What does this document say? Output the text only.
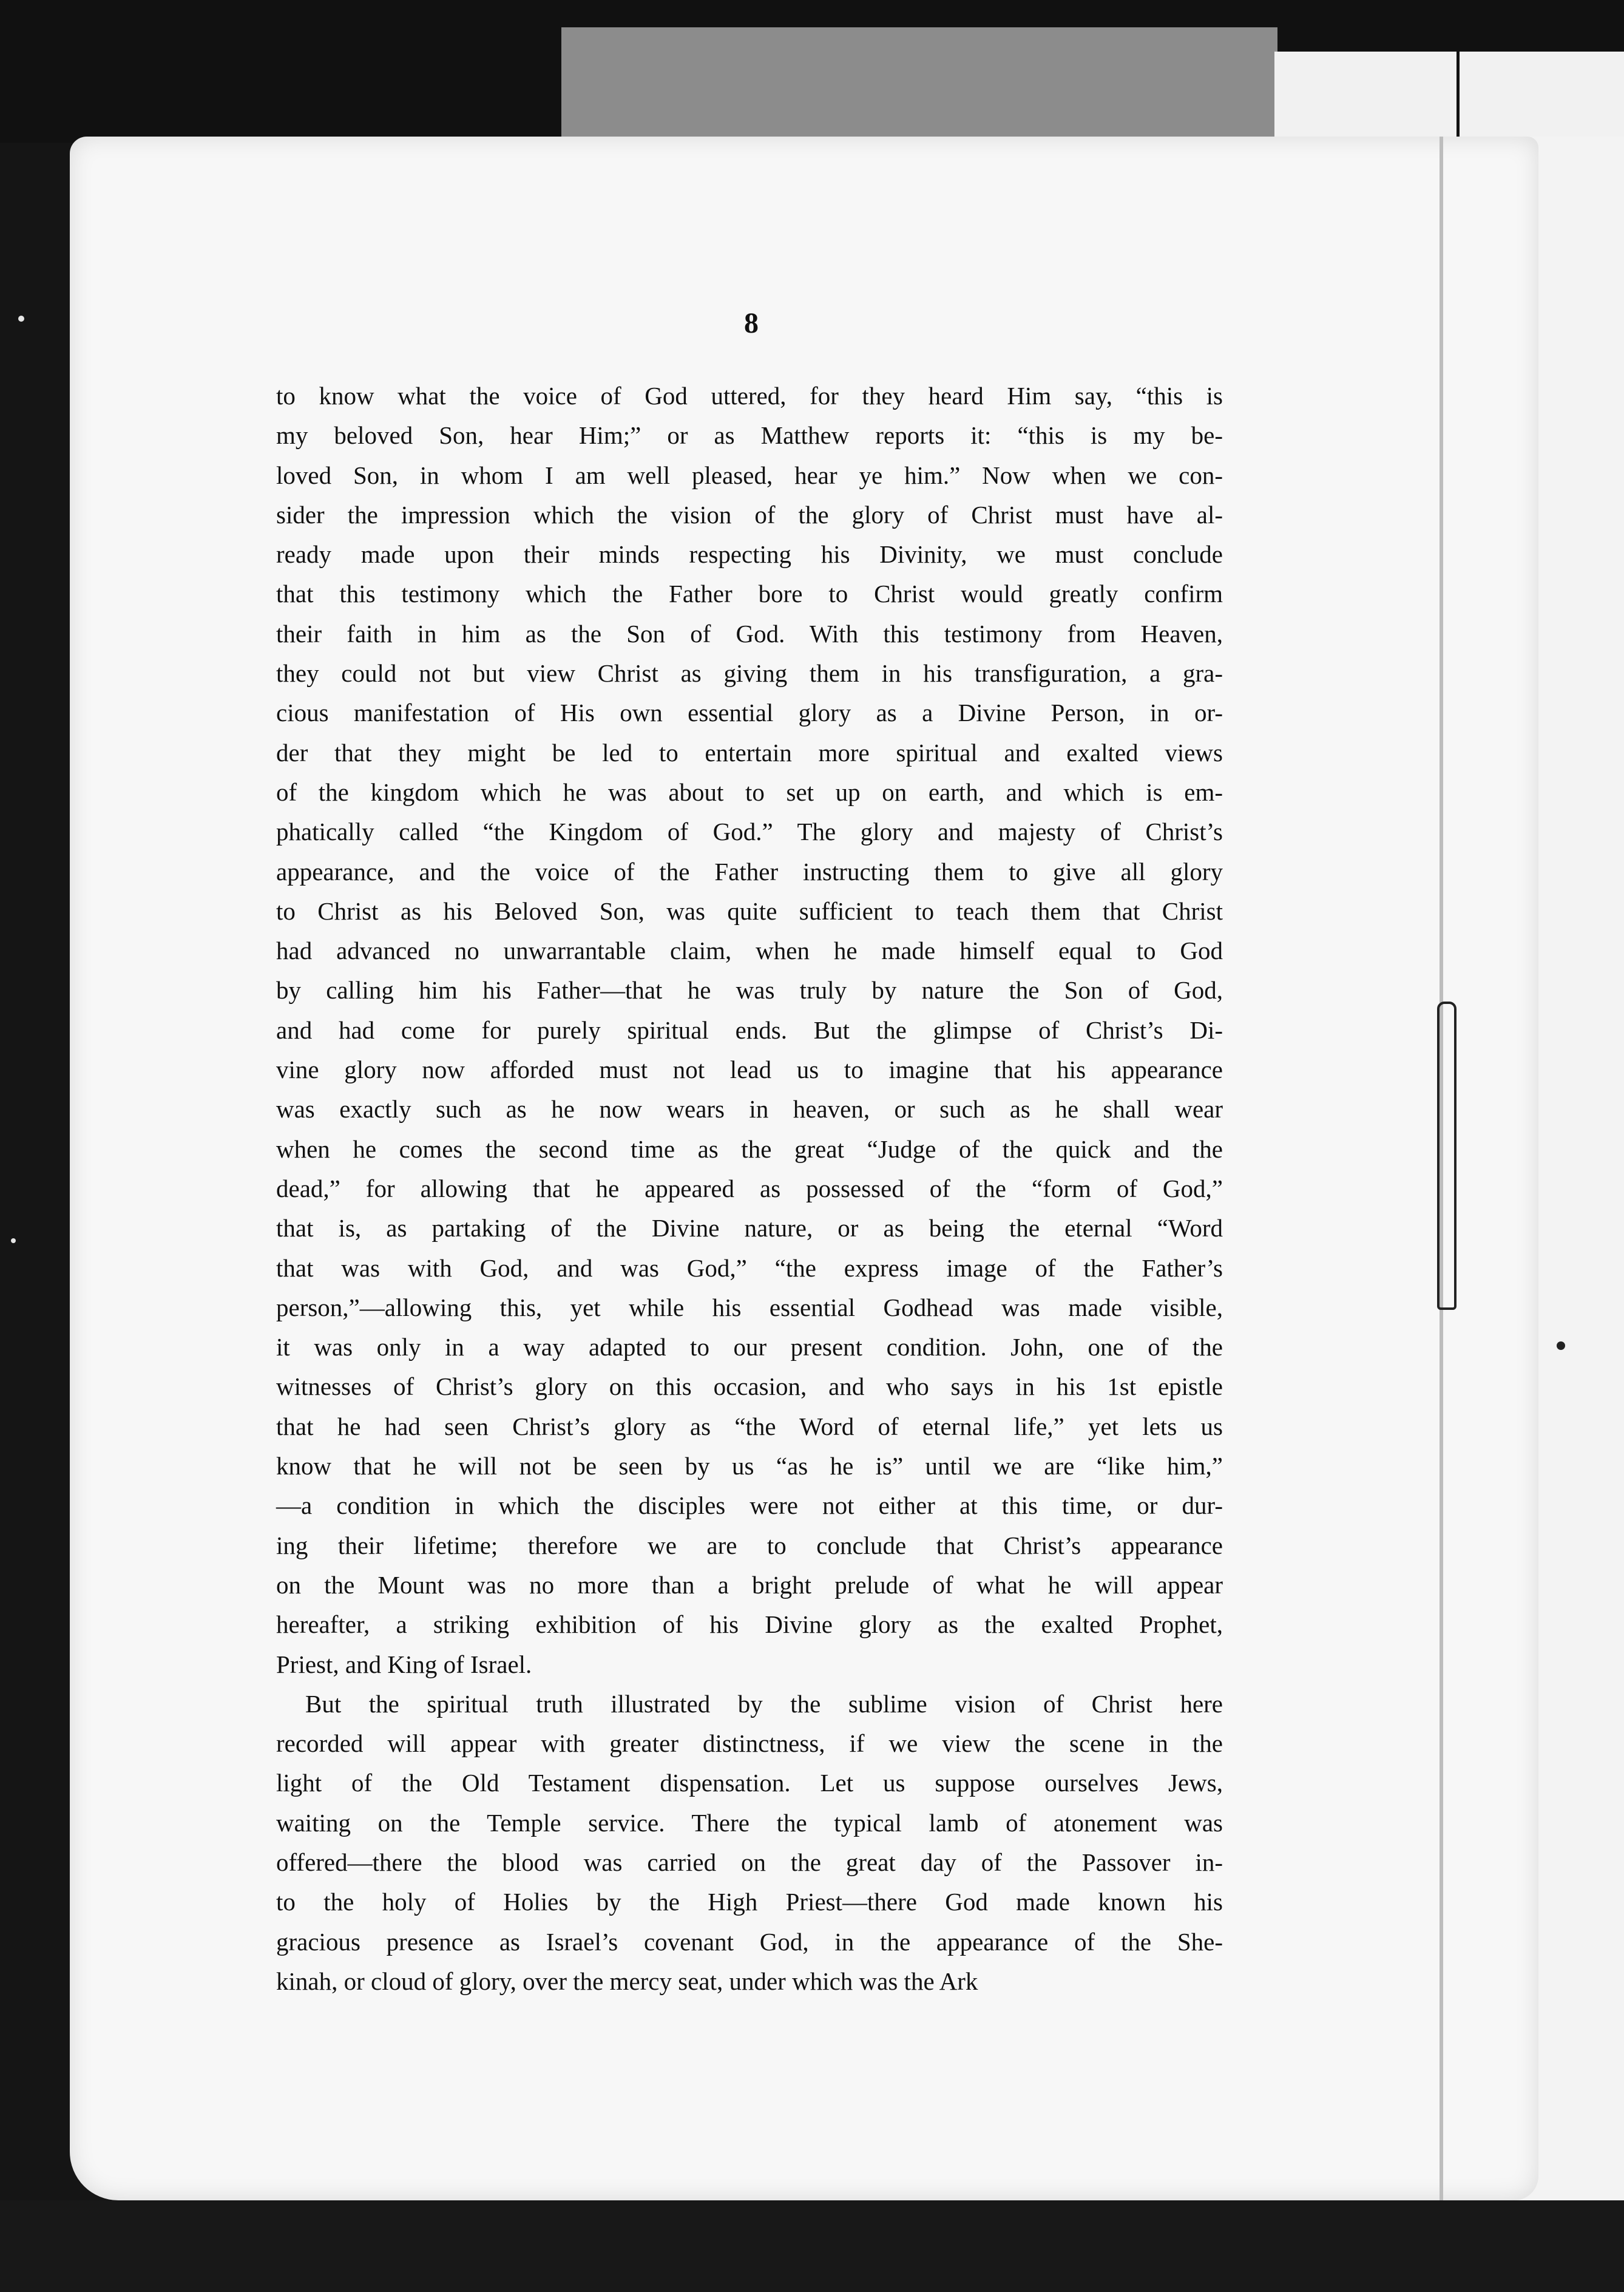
8
to know what the voice of God uttered, for they heard Him say, “this is
my beloved Son, hear Him;” or as Matthew reports it: “this is my be-
loved Son, in whom I am well pleased, hear ye him.” Now when we con-
sider the impression which the vision of the glory of Christ must have al-
ready made upon their minds respecting his Divinity, we must conclude
that this testimony which the Father bore to Christ would greatly confirm
their faith in him as the Son of God. With this testimony from Heaven,
they could not but view Christ as giving them in his transfiguration, a gra-
cious manifestation of His own essential glory as a Divine Person, in or-
der that they might be led to entertain more spiritual and exalted views
of the kingdom which he was about to set up on earth, and which is em-
phatically called “the Kingdom of God.” The glory and majesty of Christ’s
appearance, and the voice of the Father instructing them to give all glory
to Christ as his Beloved Son, was quite sufficient to teach them that Christ
had advanced no unwarrantable claim, when he made himself equal to God
by calling him his Father—that he was truly by nature the Son of God,
and had come for purely spiritual ends. But the glimpse of Christ’s Di-
vine glory now afforded must not lead us to imagine that his appearance
was exactly such as he now wears in heaven, or such as he shall wear
when he comes the second time as the great “Judge of the quick and the
dead,” for allowing that he appeared as possessed of the “form of God,”
that is, as partaking of the Divine nature, or as being the eternal “Word
that was with God, and was God,” “the express image of the Father’s
person,”—allowing this, yet while his essential Godhead was made visible,
it was only in a way adapted to our present condition. John, one of the
witnesses of Christ’s glory on this occasion, and who says in his 1st epistle
that he had seen Christ’s glory as “the Word of eternal life,” yet lets us
know that he will not be seen by us “as he is” until we are “like him,”
—a condition in which the disciples were not either at this time, or dur-
ing their lifetime; therefore we are to conclude that Christ’s appearance
on the Mount was no more than a bright prelude of what he will appear
hereafter, a striking exhibition of his Divine glory as the exalted Prophet,
Priest, and King of Israel.
But the spiritual truth illustrated by the sublime vision of Christ here
recorded will appear with greater distinctness, if we view the scene in the
light of the Old Testament dispensation. Let us suppose ourselves Jews,
waiting on the Temple service. There the typical lamb of atonement was
offered—there the blood was carried on the great day of the Passover in-
to the holy of Holies by the High Priest—there God made known his
gracious presence as Israel’s covenant God, in the appearance of the She-
kinah, or cloud of glory, over the mercy seat, under which was the Ark
